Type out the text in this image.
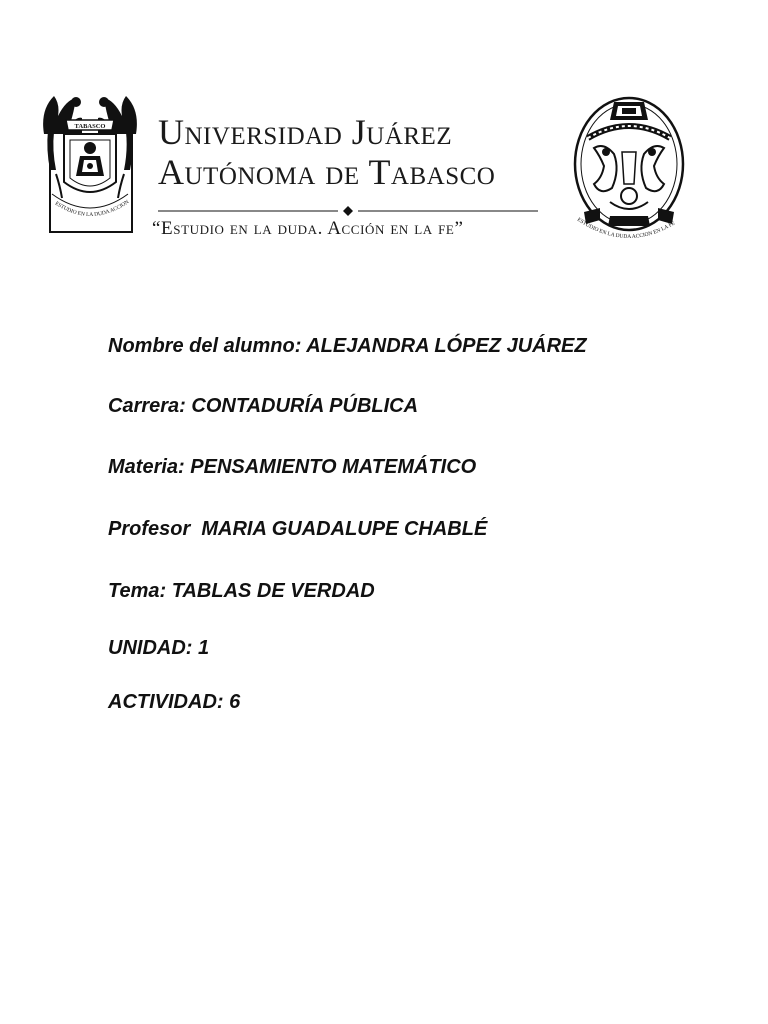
ESTUDIO EN LA DUDA ACCION
TABASCO Universidad Juárez
Autónoma de Tabasco
“Estudio en la duda. Acción en la fe”	ESTUDIO EN LA DUDA ACCION EN LA FE
Nombre del alumno: ALEJANDRA LÓPEZ JUÁREZ
Carrera: CONTADURÍA PÚBLICA
Materia: PENSAMIENTO MATEMÁTICO
Profesor  MARIA GUADALUPE CHABLÉ
Tema: TABLAS DE VERDAD
UNIDAD: 1
ACTIVIDAD: 6
